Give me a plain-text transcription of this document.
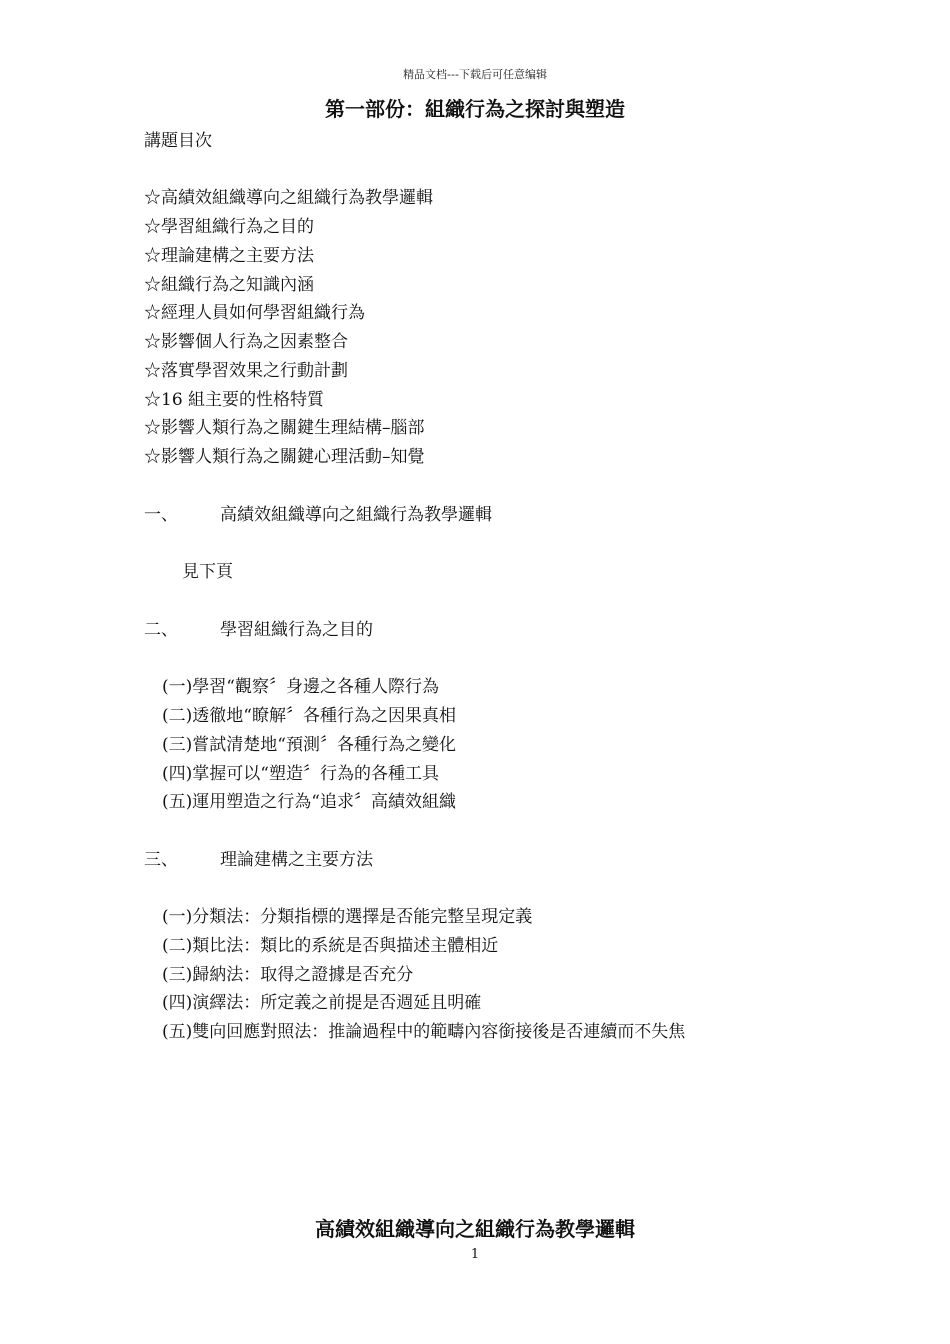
精品文档---下载后可任意编辑
第一部份：組織行為之探討與塑造
講題目次
☆高績效組織導向之組織行為教學邏輯
☆學習組織行為之目的
☆理論建構之主要方法
☆組織行為之知識內涵
☆經理人員如何學習組織行為
☆影響個人行為之因素整合
☆落實學習效果之行動計劃
☆16 組主要的性格特質
☆影響人類行為之關鍵生理結構–腦部
☆影響人類行為之關鍵心理活動–知覺
一、 高績效組織導向之組織行為教學邏輯
見下頁
二、 學習組織行為之目的
(一)學習“觀察〞身邊之各種人際行為
(二)透徹地“瞭解〞各種行為之因果真相
(三)嘗試清楚地“預測〞各種行為之變化
(四)掌握可以“塑造〞行為的各種工具
(五)運用塑造之行為“追求〞高績效組織
三、 理論建構之主要方法
(一)分類法：分類指標的選擇是否能完整呈現定義
(二)類比法：類比的系統是否與描述主體相近
(三)歸納法：取得之證據是否充分
(四)演繹法：所定義之前提是否週延且明確
(五)雙向回應對照法：推論過程中的範疇內容銜接後是否連續而不失焦
高績效組織導向之組織行為教學邏輯
1
